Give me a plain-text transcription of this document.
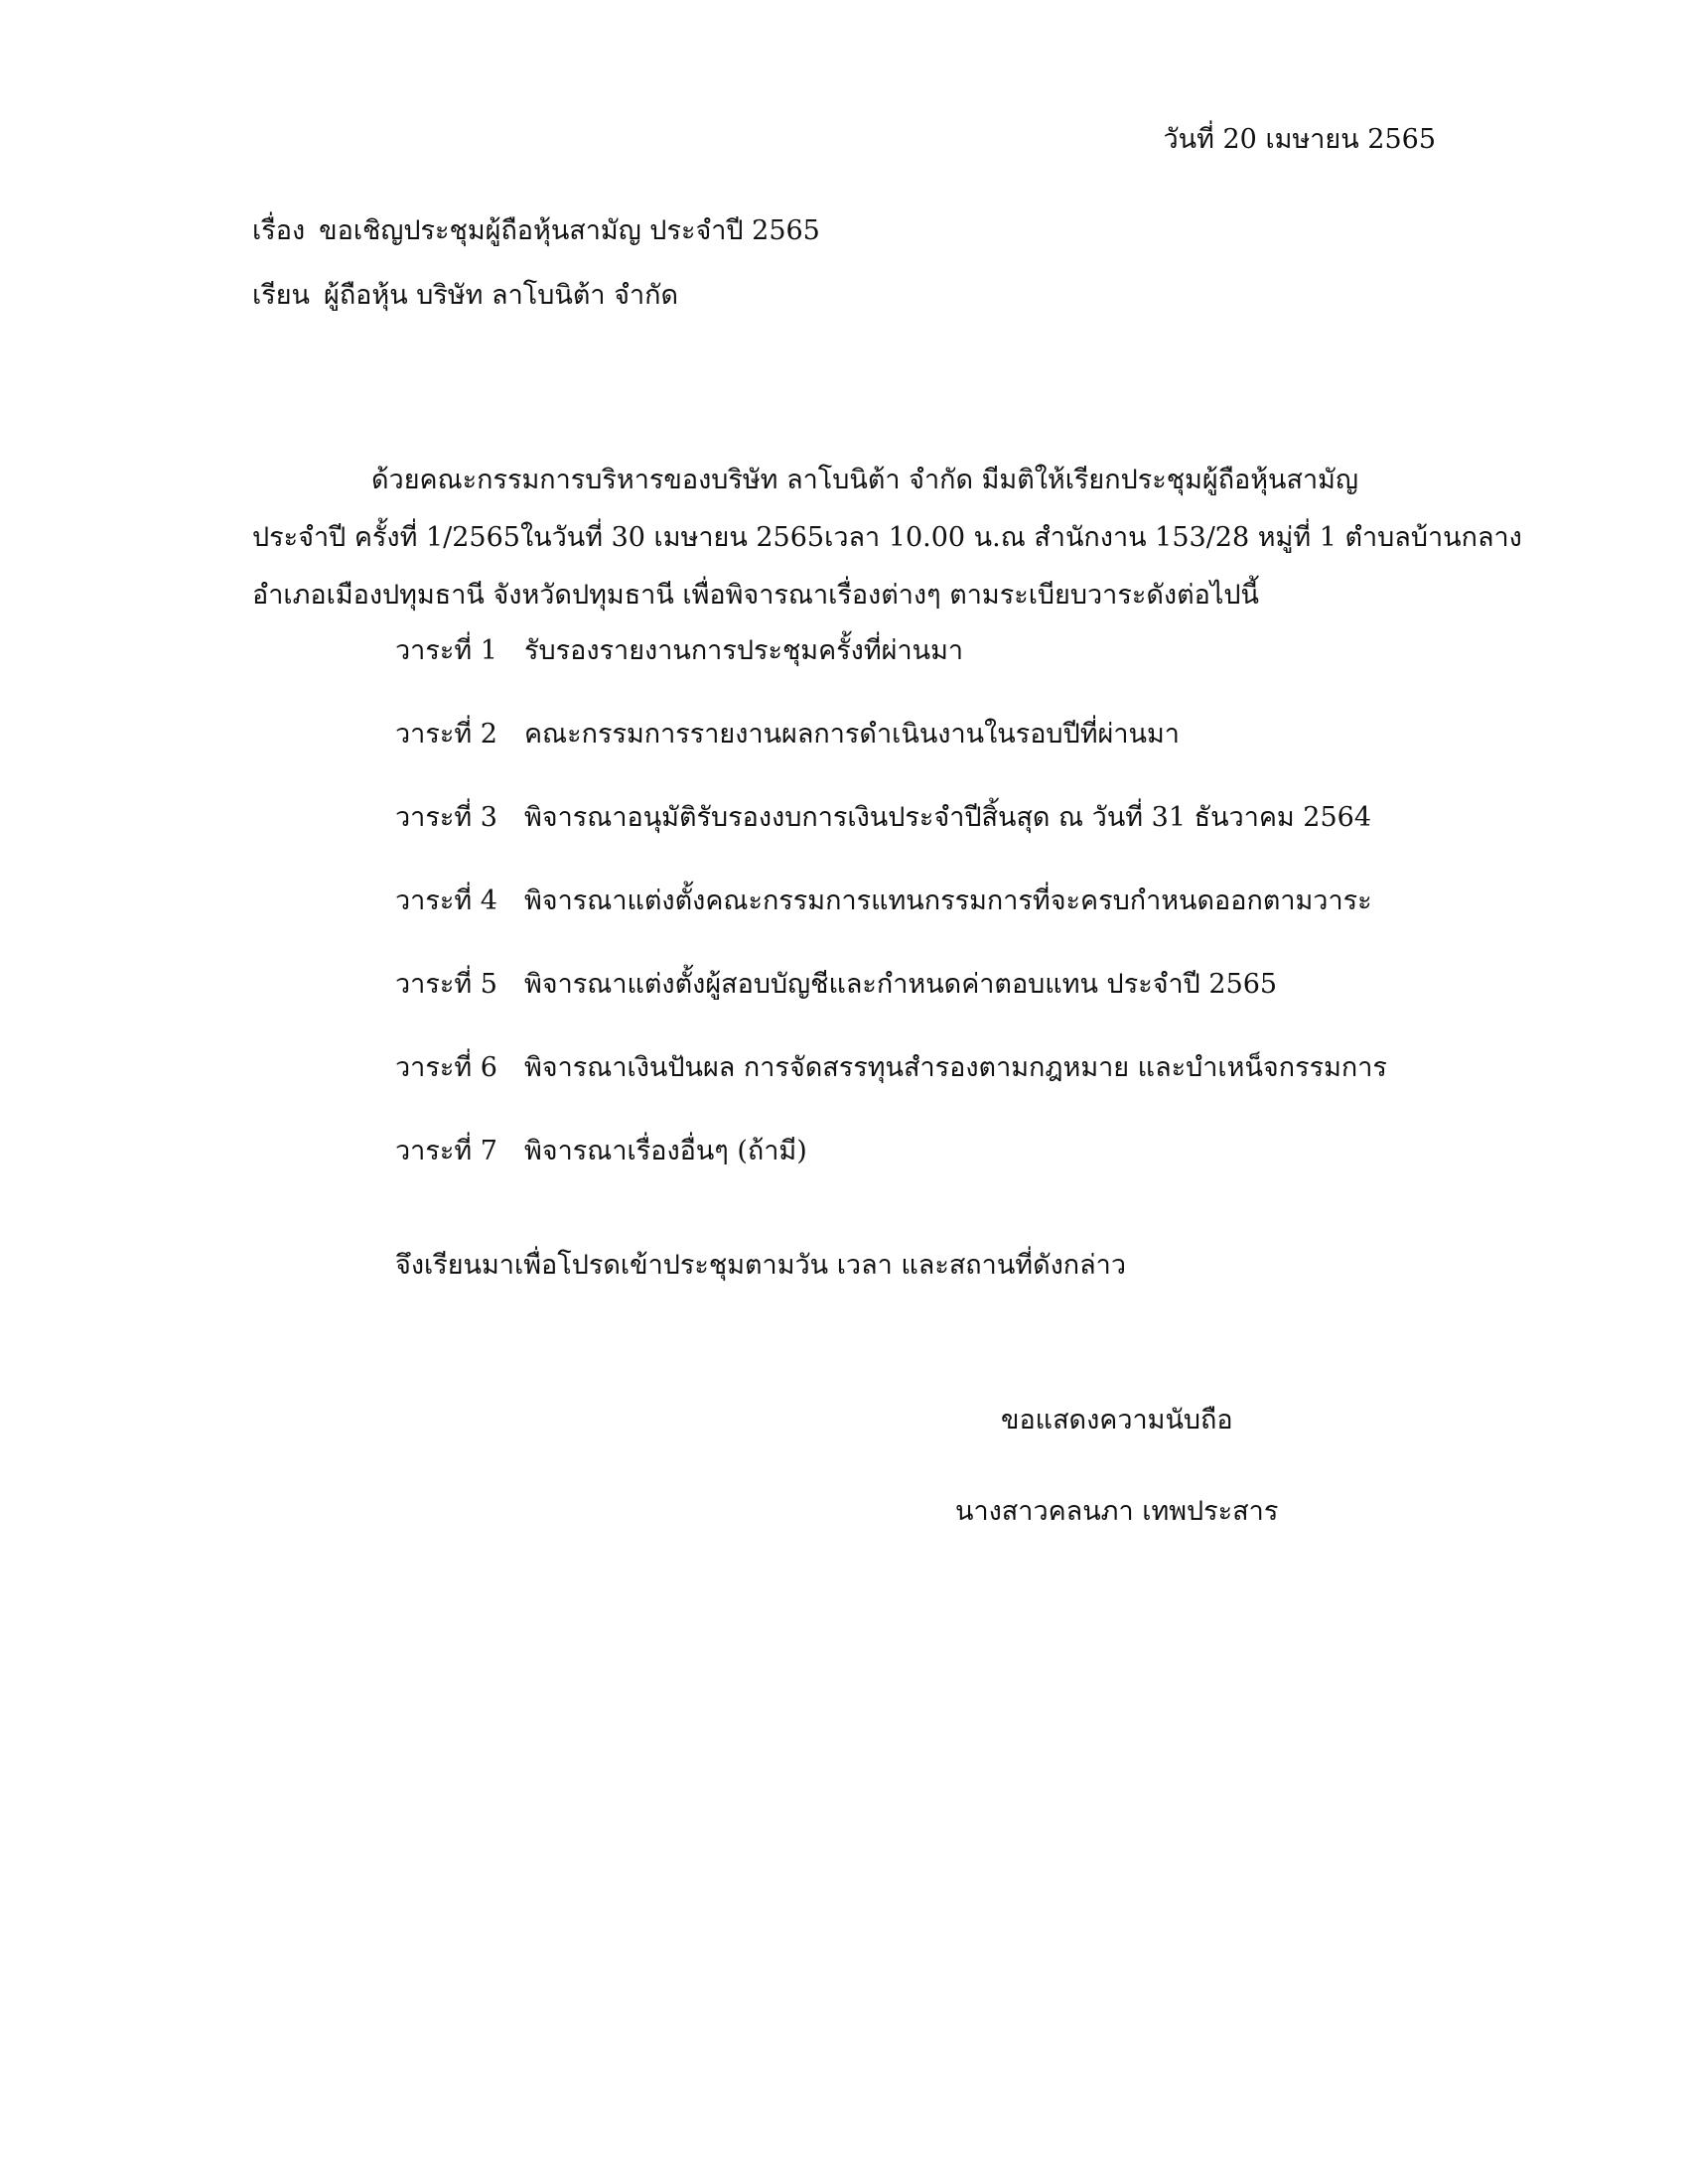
วันที่ 20 เมษายน 2565
เรื่อง ขอเชิญประชุมผู้ถือหุ้นสามัญ ประจำปี 2565
เรียน ผู้ถือหุ้น บริษัท ลาโบนิต้า จำกัด
ด้วยคณะกรรมการบริหารของบริษัท ลาโบนิต้า จำกัด มีมติให้เรียกประชุมผู้ถือหุ้นสามัญ
ประจำปี ครั้งที่ 1/2565ในวันที่ 30 เมษายน 2565เวลา 10.00 น.ณ สำนักงาน 153/28 หมู่ที่ 1 ตำบลบ้านกลาง
อำเภอเมืองปทุมธานี จังหวัดปทุมธานี เพื่อพิจารณาเรื่องต่างๆ ตามระเบียบวาระดังต่อไปนี้
วาระที่ 1 รับรองรายงานการประชุมครั้งที่ผ่านมา
วาระที่ 2 คณะกรรมการรายงานผลการดำเนินงานในรอบปีที่ผ่านมา
วาระที่ 3 พิจารณาอนุมัติรับรองงบการเงินประจำปีสิ้นสุด ณ วันที่ 31 ธันวาคม 2564
วาระที่ 4 พิจารณาแต่งตั้งคณะกรรมการแทนกรรมการที่จะครบกำหนดออกตามวาระ
วาระที่ 5 พิจารณาแต่งตั้งผู้สอบบัญชีและกำหนดค่าตอบแทน ประจำปี 2565
วาระที่ 6 พิจารณาเงินปันผล การจัดสรรทุนสำรองตามกฎหมาย และบำเหน็จกรรมการ
วาระที่ 7 พิจารณาเรื่องอื่นๆ (ถ้ามี)
จึงเรียนมาเพื่อโปรดเข้าประชุมตามวัน เวลา และสถานที่ดังกล่าว
ขอแสดงความนับถือ
นางสาวคลนภา เทพประสาร
